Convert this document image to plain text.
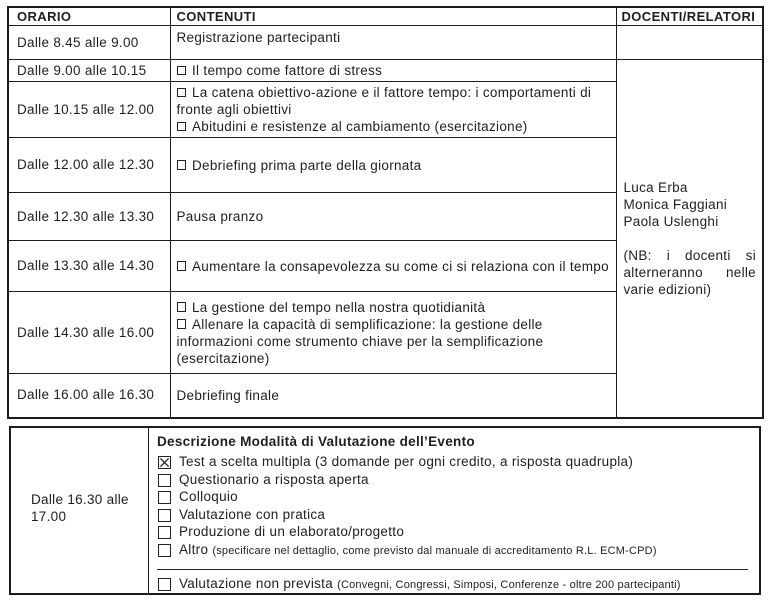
ORARIO	CONTENUTI	DOCENTI/RELATORI
Dalle 8.45 alle 9.00	Registrazione partecipanti	

Dalle 9.00 alle 10.15	Il tempo come fattore di stress	Luca Erba
Monica Faggiani
Paola Uslenghi

(NB: i docenti si alterneranno nelle varie edizioni)

Dalle 10.15 alle 12.00	La catena obiettivo-azione e il fattore tempo: i comportamenti di fronte agli obiettivi
Abitudini e resistenze al cambiamento (esercitazione)	

Dalle 12.00 alle 12.30	Debriefing prima parte della giornata	

Dalle 12.30 alle 13.30	Pausa pranzo	

Dalle 13.30 alle 14.30	Aumentare la consapevolezza su come ci si relaziona con il tempo	

Dalle 14.30 alle 16.00	La gestione del tempo nella nostra quotidianità
Allenare la capacità di semplificazione: la gestione delle informazioni come strumento chiave per la semplificazione (esercitazione)	

Dalle 16.00 alle 16.30	Debriefing finale	
Dalle 16.30 alle 17.00
Descrizione Modalità di Valutazione dell’Evento
Test a scelta multipla (3 domande per ogni credito, a risposta quadrupla)
Questionario a risposta aperta
Colloquio
Valutazione con pratica
Produzione di un elaborato/progetto
Altro (specificare nel dettaglio, come previsto dal manuale di accreditamento R.L. ECM-CPD)
Valutazione non prevista (Convegni, Congressi, Simposi, Conferenze - oltre 200 partecipanti)
